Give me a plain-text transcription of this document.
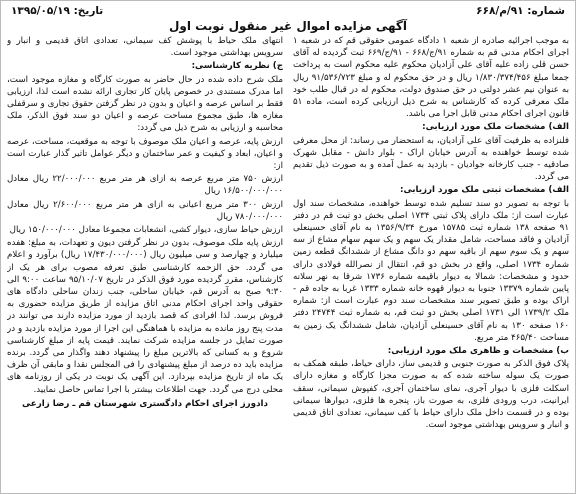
شماره: ۹۱/م/۶۶۸
تاریخ: ۱۳۹۵/۰۵/۱۹
آگهی مزایده اموال غیر منقول نوبت اول

به موجب اجرائیه صادره از شعبه ۱ دادگاه عمومی حقوقی قم که در شعبه ۱ اجرای احکام مدنی قم به شماره ۹۱/ج/۶۶۸ - ۹۱/ج/۶۶۹ ثبت گردیده له آقای حسن قلی زاده علیه آقای علی آزادیان محکوم علیه محکوم است به پرداخت جمعا مبلغ ۱/۸۳۰/۳۷۴/۴۵۶ ریال و در حق محکوم له و مبلغ ۹۱/۵۳۶/۷۲۳ ریال به عنوان نیم عشر دولتی در حق صندوق دولت، محکوم له در قبال طلب خود ملک معرفی کرده که کارشناس به شرح ذیل ارزیابی کرده است، ماده ۵۱ قانون اجرای احکام مدنی قابل اجرا می باشد.

الف) مشخصات ملک مورد ارزیابی:

فلنزاده به ظرفیت آقای علی آزادیان، به استحضار می رساند: از محل معرفی شده توسط خواهنده به آدرس خیابان اراک - بلوار دانش - مقابل شهرک صادقیه - جنب کارخانه جوادیان - بازدید به عمل آمده و به صورت ذیل تقدیم می گردد.

الف) مشخصات ثبتی ملک مورد ارزیابی:

با توجه به تصویر دو سند تسلیم شده توسط خواهنده، مشخصات سند اول عبارت است از: ملک دارای پلاک ثبتی ۱۷۳۴ اصلی بخش دو ثبت قم در دفتر ۹۱ صفحه ۱۳۸ شماره ثبت ۱۵۷۸۵ مورخ ۱۳۵۶/۹/۳۴ به نام آقای حسینعلی آزادیان و فاقد مساحت، شامل مقدار یک سهم و یک سهم سهام مشاع از سه سهم و یک سوم سهم از باقیه سهم دو دانگ مشاع از ششدانگ قطعه زمین شماره ۱۷۳۴ اصلی، واقع در بخش دو قم، انتقال از نصرالله فولادی دارای حدود و مشخصات: شمالا به دیوار باقیمه شماره ۱۷۳۶ شرقا به نهر سلانه پایین شماره ۱۳۳۷۹ جنوبا به دیوار قهوه خانه شماره ۱۳۳۳ غربا به جاده قم - اراک بوده و طبق تصویر سند مشخصات سند دوم عبارت است از: شماره ملک ۱۷۳۹/۲ الی ۱۷۳۱ اصلی بخش دو ثبت قم، به شماره ثبت ۲۴۷۴۴ دفتر ۱۶۰ صفحه ۱۳۰ به نام آقای حسینعلی آزادیان، شامل ششدانگ یک زمین به مساحت ۴۶۵/۴۰ متر مربع.

ب) مشخصات و ظاهری ملک مورد ارزیابی:

پلاک فوق الذکر به صورت جنوبی و قدیمی ساز، دارای حیاط، طبقه همکف به صورت یک سوله ساخته شده که به صورت مجزا کارگاه و مغازه دارای اسکلت فلزی با دیوار آجری، نمای ساختمان آجری، کفپوش سیمانی، سقف ایرانیت، درب ورودی فلزی، به صورت باز، پنجره ها فلزی، دیوارها سیمانی بوده و در قسمت داخل ملک دارای حیاط با کف سیمانی، تعدادی اتاق قدیمی و انبار و سرویس بهداشتی موجود است.

انتهای ملک حیاط با پوشش کف سیمانی، تعدادی اتاق قدیمی و انبار و سرویس بهداشتی موجود است.

ج) نظریه کارشناسی:

ملک شرح داده شده در حال حاضر به صورت کارگاه و مغازه موجود است، اما مدرک مستندی در خصوص پایان کار تجاری ارائه نشده است لذا، ارزیابی فقط بر اساس عرصه و اعیان و بدون در نظر گرفتن حقوق تجاری و سرقفلی مغازه ها، طبق مجموع مساحت عرصه و اعیان دو سند فوق الذکر، ملک محاسبه و ارزیابی به شرح ذیل می گردد:

ارزش پایه، عرصه و اعیان ملک موصوف با توجه به موقعیت، مساحت، عرصه و اعیان، ابعاد و کیفیت و عمر ساختمان و دیگر عوامل تاثیر گذار عبارت است از:

ارزش ۷۵۰ متر مربع عرصه به ازای هر متر مربع ۲۲/۰۰۰/۰۰۰ ریال معادل ۱۶/۵۰۰/۰۰۰/۰۰۰ ریال

ارزش ۳۰۰ متر مربع اعیانی به ازای هر متر مربع ۲/۶۰۰/۰۰۰ ریال معادل ۷۸۰/۰۰۰/۰۰۰ ریال

ارزش حیاط سازی، دیوار کشی، انشعابات مجموعا معادل ۱۵۰/۰۰۰/۰۰۰ ریال

ارزش پایه ملک موصوف، بدون در نظر گرفتن دیون و تعهدات، به مبلغ: هفده میلیارد و چهارصد و سی میلیون ریال (۱۷/۴۳۰/۰۰۰/۰۰۰ ریال) برآورد و اعلام می گردد. حق الزحمه کارشناسی طبق تعرفه مصوب برای هر یک از کارشناس، مقرر گردیده مورد فوق الذکر در تاریخ ۹۵/۱۰/۰۷ ساعت ۹:۰۰ الی ۹:۳۰ صبح به آدرس قم، خیابان ساحلی، جنب زندان ساحلی دادگاه های حقوقی واحد اجرای احکام مدنی اتاق مزایده از طریق مزایده حضوری به فروش برسد. لذا افرادی که قصد بازدید از مورد مزایده دارند می توانند در مدت پنج روز مانده به مزایده با هماهنگی این اجرا از مورد مزایده بازدید و در صورت تمایل در جلسه مزایده شرکت نمایند. قیمت پایه از مبلغ کارشناسی شروع و به کسانی که بالاترین مبلغ را پیشنهاد دهند واگذار می گردد. برنده مزایده باید ده درصد از مبلغ پیشنهادی را فی المجلس نقدا و مابقی آن ظرف یک ماه از تاریخ مزایده بپردازد. این آگهی یک نوبت در یکی از روزنامه های محلی درج می گردد. جهت اطلاعات بیشتر با اجرا تماس حاصل نمایید.

دادورز اجرای احکام دادگستری شهرستان قم ـ رضا زارعی
